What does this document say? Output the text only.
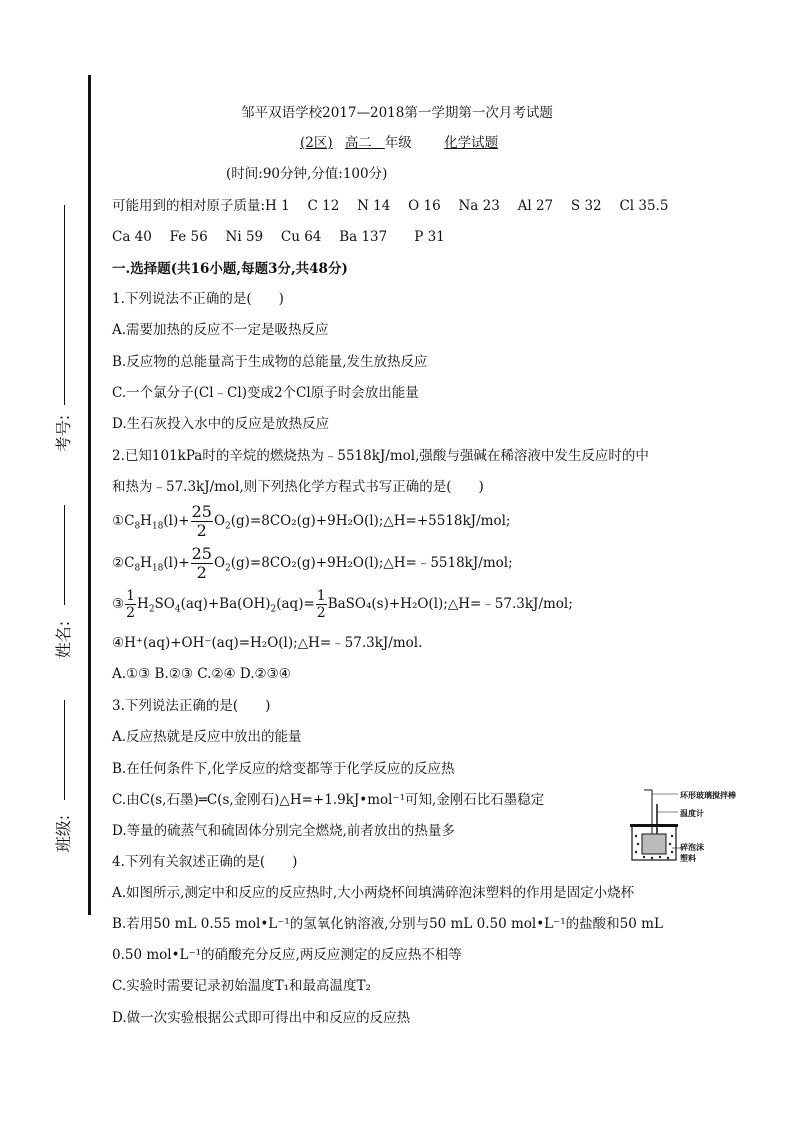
考号:
姓名:
班级:
邹平双语学校2017—2018第一学期第一次月考试题
(2区) 高二 年级 化学试题
(时间:90分钟,分值:100分)
可能用到的相对原子质量:H 1　 C 12　 N 14　 O 16　 Na 23　 Al 27　 S 32　 Cl 35.5
Ca 40　 Fe 56　 Ni 59　 Cu 64　 Ba 137　　P 31
一.选择题(共16小题,每题3分,共48分)
1.下列说法不正确的是(　　)
A.需要加热的反应不一定是吸热反应
B.反应物的总能量高于生成物的总能量,发生放热反应
C.一个氯分子(Cl﹣Cl)变成2个Cl原子时会放出能量
D.生石灰投入水中的反应是放热反应
2.已知101kPa时的辛烷的燃烧热为﹣5518kJ/mol,强酸与强碱在稀溶液中发生反应时的中
和热为﹣57.3kJ/mol,则下列热化学方程式书写正确的是(　　)
$①C_8H_{18}(l)+ \frac{25}{2}$ $O_2(g)=8CO_2(g)+9H_2O(l);\triangle H=+5518kJ$/mol;
$②C_8H_{18}(l)+ \frac{25}{2}$ $O_2(g)=8CO_2(g)+9H_2O(l);\triangle H=﹣5518kJ$/mol;
③ $\frac{1}{2} H_2SO_4(aq)+Ba(OH)_2(aq)= \frac{1}{2}$ BaSO₄(s)+H₂O(l);△H=﹣57.3kJ/mol;
④H⁺(aq)+OH⁻(aq)=H₂O(l);△H=﹣57.3kJ/mol.
A.①③ B.②③ C.②④ D.②③④
3.下列说法正确的是(　　)
A.反应热就是反应中放出的能量
B.在任何条件下,化学反应的焓变都等于化学反应的反应热
C.由C(s,石墨)═C(s,金刚石)△H=+1.9kJ•mol⁻¹可知,金刚石比石墨稳定
D.等量的硫蒸气和硫固体分别完全燃烧,前者放出的热量多
4.下列有关叙述正确的是(　　)
A.如图所示,测定中和反应的反应热时,大小两烧杯间填满碎泡沫塑料的作用是固定小烧杯
B.若用50 mL 0.55 mol•L⁻¹的氢氧化钠溶液,分别与50 mL 0.50 mol•L⁻¹的盐酸和50 mL
0.50 mol•L⁻¹的硝酸充分反应,两反应测定的反应热不相等
C.实验时需要记录初始温度T₁和最高温度T₂
D.做一次实验根据公式即可得出中和反应的反应热
环形玻璃搅拌棒
温度计
碎泡沫
塑料
